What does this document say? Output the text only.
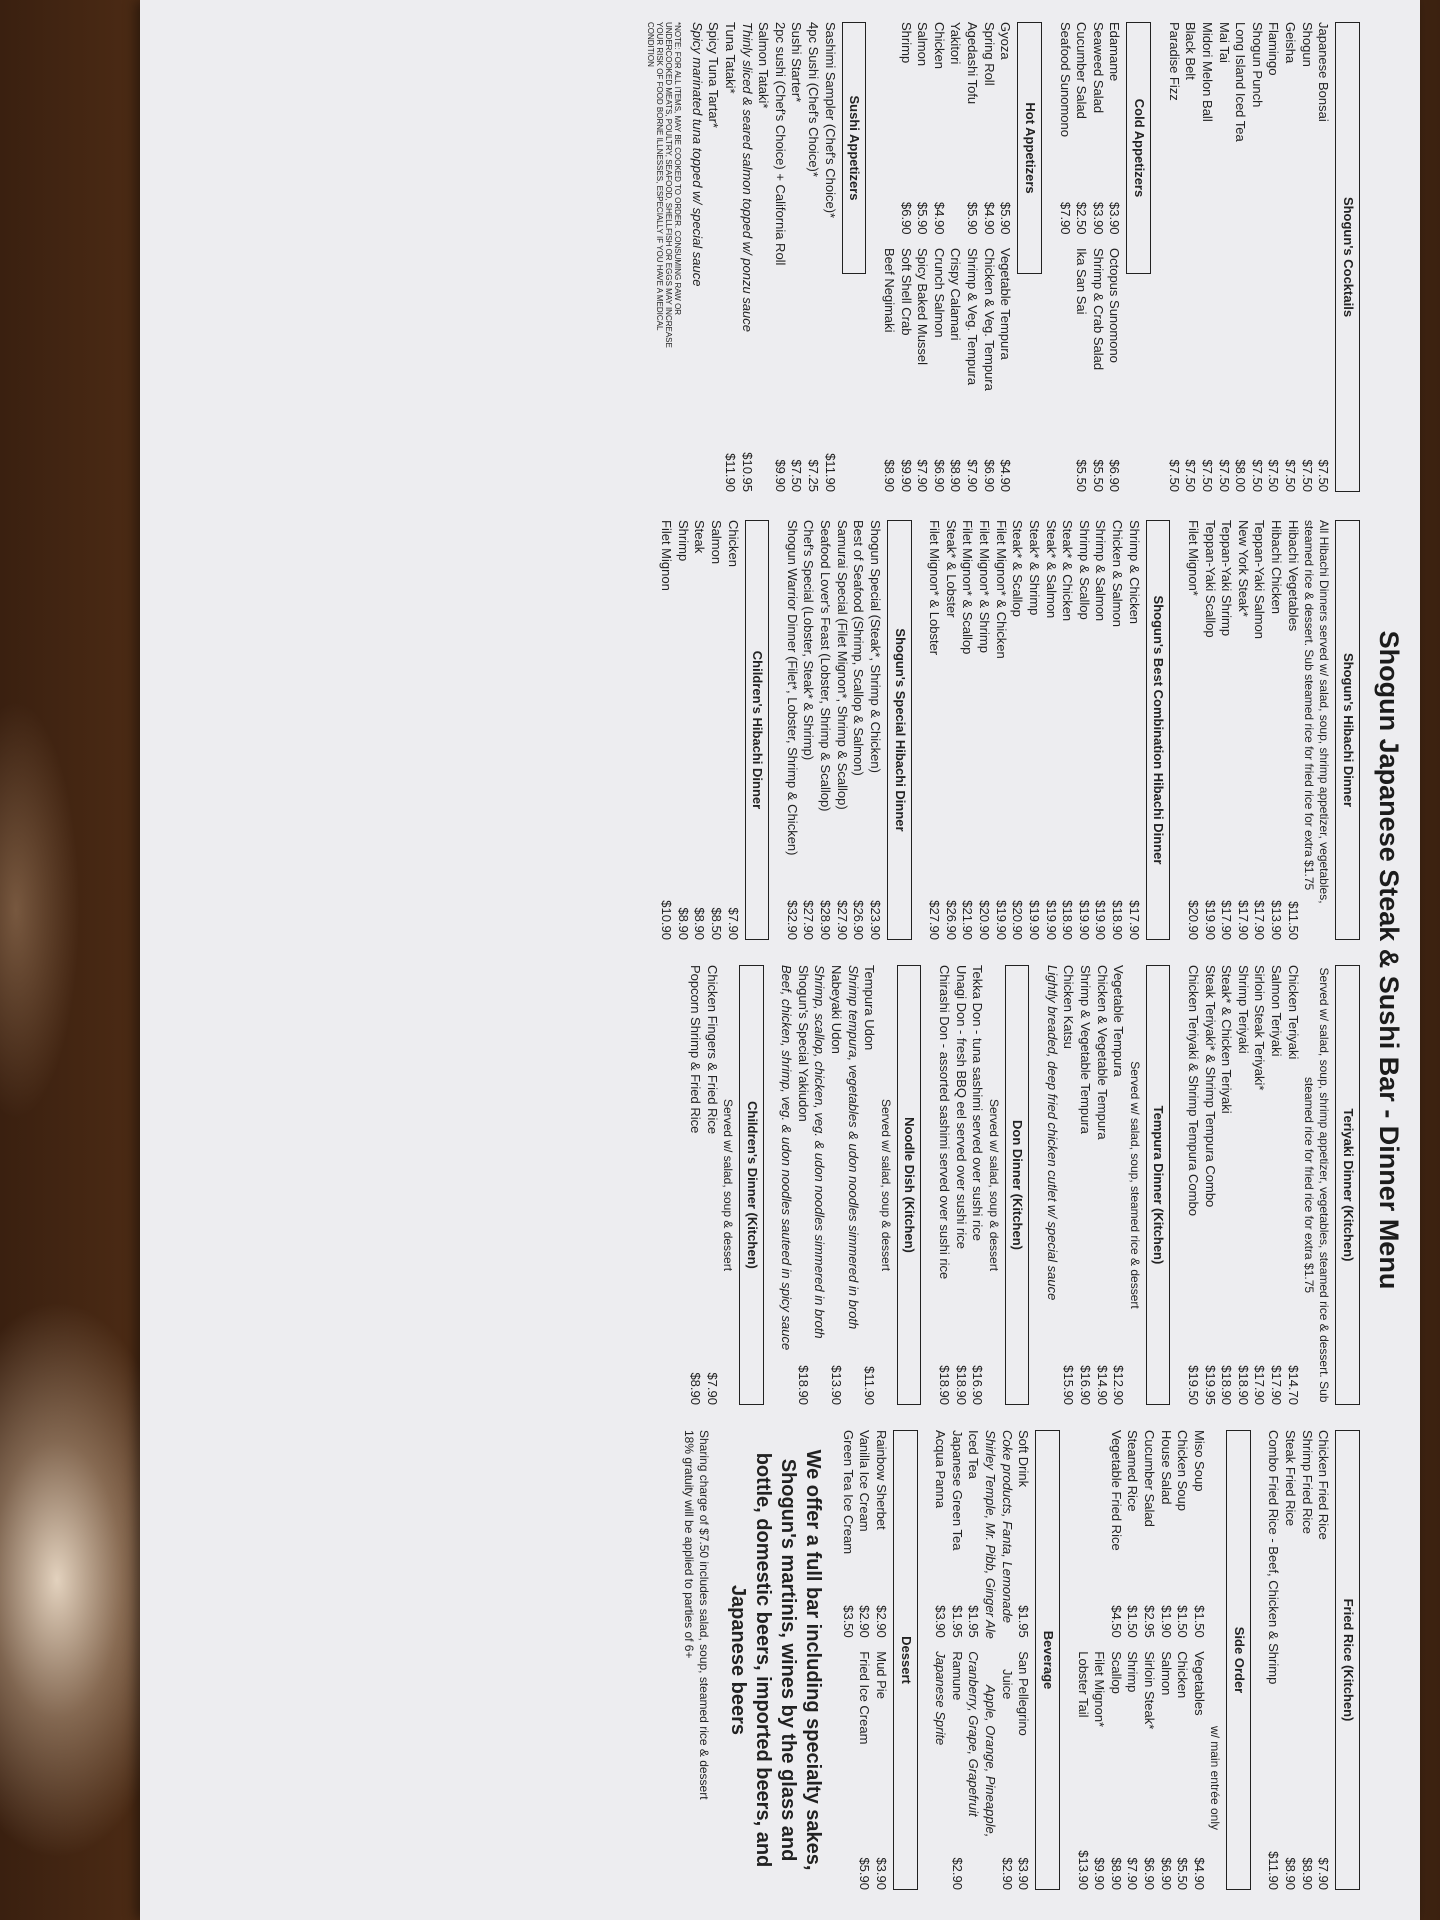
Shogun Japanese Steak & Sushi Bar - Dinner Menu
Shogun's Cocktails
Japanese Bonsai
$7.50
Shogun
$7.50
Geisha
$7.50
Flamingo
$7.50
Shogun Punch
$7.50
Long Island Iced Tea
$8.00
Mai Tai
$7.50
Midori Melon Ball
$7.50
Black Belt
$7.50
Paradise Fizz
$7.50
Cold Appetizers
Edamame
$3.90
Octopus Sunomono
$6.90
Seaweed Salad
$3.90
Shrimp & Crab Salad
$5.50
Cucumber Salad
$2.50
Ika San Sai
$5.50
Seafood Sunomono
$7.90
Hot Appetizers
Gyoza
$5.90
Vegetable Tempura
$4.90
Spring Roll
$4.90
Chicken & Veg. Tempura
$6.90
Agedashi Tofu
$5.90
Shrimp & Veg. Tempura
$7.90
Yakitori
Crispy Calamari
$8.90
Chicken
$4.90
Crunch Salmon
$6.90
Salmon
$5.90
Spicy Baked Mussel
$7.90
Shrimp
$6.90
Soft Shell Crab
$9.90
Beef Negimaki
$8.90
Sushi Appetizers
Sashimi Sampler (Chef's Choice)*
$11.90
4pc Sushi (Chef's Choice)*
$7.25
Sushi Starter*
$7.50
2pc sushi (Chef's Choice) + California Roll
$9.90
Salmon Tataki*
Thinly sliced & seared salmon topped w/ ponzu sauce
$10.95
Tuna Tataki*
$11.90
Spicy Tuna Tartar*
Spicy marinated tuna topped w/ special sauce
*NOTE: FOR ALL ITEMS, MAY BE COOKED TO ORDER. CONSUMING RAW OR UNDERCOOKED MEATS, POULTRY, SEAFOOD, SHELLFISH OR EGGS MAY INCREASE YOUR RISK OF FOOD BORNE ILLNESSES, ESPECIALLY IF YOU HAVE A MEDICAL CONDITION
Shogun's Hibachi Dinner
All Hibachi Dinners served w/ salad, soup, shrimp appetizer, vegetables, steamed rice & dessert. Sub steamed rice for fried rice for extra $1.75
Hibachi Vegetables
$11.50
Hibachi Chicken
$13.90
Teppan-Yaki Salmon
$17.90
New York Steak*
$17.90
Teppan-Yaki Shrimp
$17.90
Teppan-Yaki Scallop
$19.90
Filet Mignon*
$20.90
Shogun's Best Combination Hibachi Dinner
Shrimp & Chicken
$17.90
Chicken & Salmon
$18.90
Shrimp & Salmon
$19.90
Shrimp & Scallop
$19.90
Steak* & Chicken
$18.90
Steak* & Salmon
$19.90
Steak* & Shrimp
$19.90
Steak* & Scallop
$20.90
Filet Mignon* & Chicken
$19.90
Filet Mignon* & Shrimp
$20.90
Filet Mignon* & Scallop
$21.90
Steak* & Lobster
$26.90
Filet Mignon* & Lobster
$27.90
Shogun's Special Hibachi Dinner
Shogun Special (Steak*, Shrimp & Chicken)
$23.90
Best of Seafood (Shrimp, Scallop & Salmon)
$26.90
Samurai Special (Filet Mignon*, Shrimp & Scallop)
$27.90
Seafood Lover's Feast (Lobster, Shrimp & Scallop)
$28.90
Chef's Special (Lobster, Steak* & Shrimp)
$27.90
Shogun Warrior Dinner (Filet*, Lobster, Shrimp & Chicken)
$32.90
Children's Hibachi Dinner
Chicken
$7.90
Salmon
$8.50
Steak
$8.90
Shrimp
$8.90
Filet Mignon
$10.90
Teriyaki Dinner (Kitchen)
Served w/ salad, soup, shrimp appetizer, vegetables, steamed rice & dessert. Sub steamed rice for fried rice for extra $1.75
Chicken Teriyaki
$14.70
Salmon Teriyaki
$17.90
Sirloin Steak Teriyaki*
$17.90
Shrimp Teriyaki
$18.90
Steak* & Chicken Teriyaki
$18.90
Steak Teriyaki* & Shrimp Tempura Combo
$19.95
Chicken Teriyaki & Shrimp Tempura Combo
$19.50
Tempura Dinner (Kitchen)
Served w/ salad, soup, steamed rice & dessert
Vegetable Tempura
$12.90
Chicken & Vegetable Tempura
$14.90
Shrimp & Vegetable Tempura
$16.90
Chicken Katsu
$15.90
Lightly breaded, deep fried chicken cutlet w/ special sauce
Don Dinner (Kitchen)
Served w/ salad, soup & dessert
Tekka Don - tuna sashimi served over sushi rice
$16.90
Unagi Don - fresh BBQ eel served over sushi rice
$18.90
Chirashi Don - assorted sashimi served over sushi rice
$18.90
Noodle Dish (Kitchen)
Served w/ salad, soup & dessert
Tempura Udon
$11.90
Shrimp tempura, vegetables & udon noodles simmered in broth
Nabeyaki Udon
$13.90
Shrimp, scallop, chicken, veg. & udon noodles simmered in broth
Shogun's Special Yakiudon
$18.90
Beef, chicken, shrimp, veg. & udon noodles sauteed in spicy sauce
Children's Dinner (Kitchen)
Served w/ salad, soup & dessert
Chicken Fingers & Fried Rice
$7.90
Popcorn Shrimp & Fried Rice
$8.90
Fried Rice (Kitchen)
Chicken Fried Rice
$7.90
Shrimp Fried Rice
$8.90
Steak Fried Rice
$8.90
Combo Fried Rice - Beef, Chicken & Shrimp
$11.90
Side Order
w/ main entrée only
Miso Soup
$1.50
Vegetables
$4.90
Chicken Soup
$1.50
Chicken
$5.50
House Salad
$1.90
Salmon
$6.90
Cucumber Salad
$2.95
Sirloin Steak*
$6.90
Steamed Rice
$1.50
Shrimp
$7.90
Vegetable Fried Rice
$4.50
Scallop
$8.90
Filet Mignon*
$9.90
Lobster Tail
$13.90
Beverage
Soft Drink
$1.95
San Pellegrino
$3.90
Coke products, Fanta, Lemonade
Juice
$2.90
Shirley Temple, Mr. Pibb, Ginger Ale
Apple, Orange, Pineapple,
Iced Tea
$1.95
Cranberry, Grape, Grapefruit
Japanese Green Tea
$1.95
Ramune
$2.90
Acqua Panna
$3.90
Japanese Sprite
Dessert
Rainbow Sherbet
$2.90
Mud Pie
$3.90
Vanilla Ice Cream
$2.90
Fried Ice Cream
$5.90
Green Tea Ice Cream
$3.50
We offer a full bar including specialty sakes, Shogun's martinis, wines by the glass and bottle, domestic beers, imported beers, and Japanese beers
Sharing charge of $7.50 includes salad, soup, steamed rice & dessert
18% gratuity will be applied to parties of 6+
